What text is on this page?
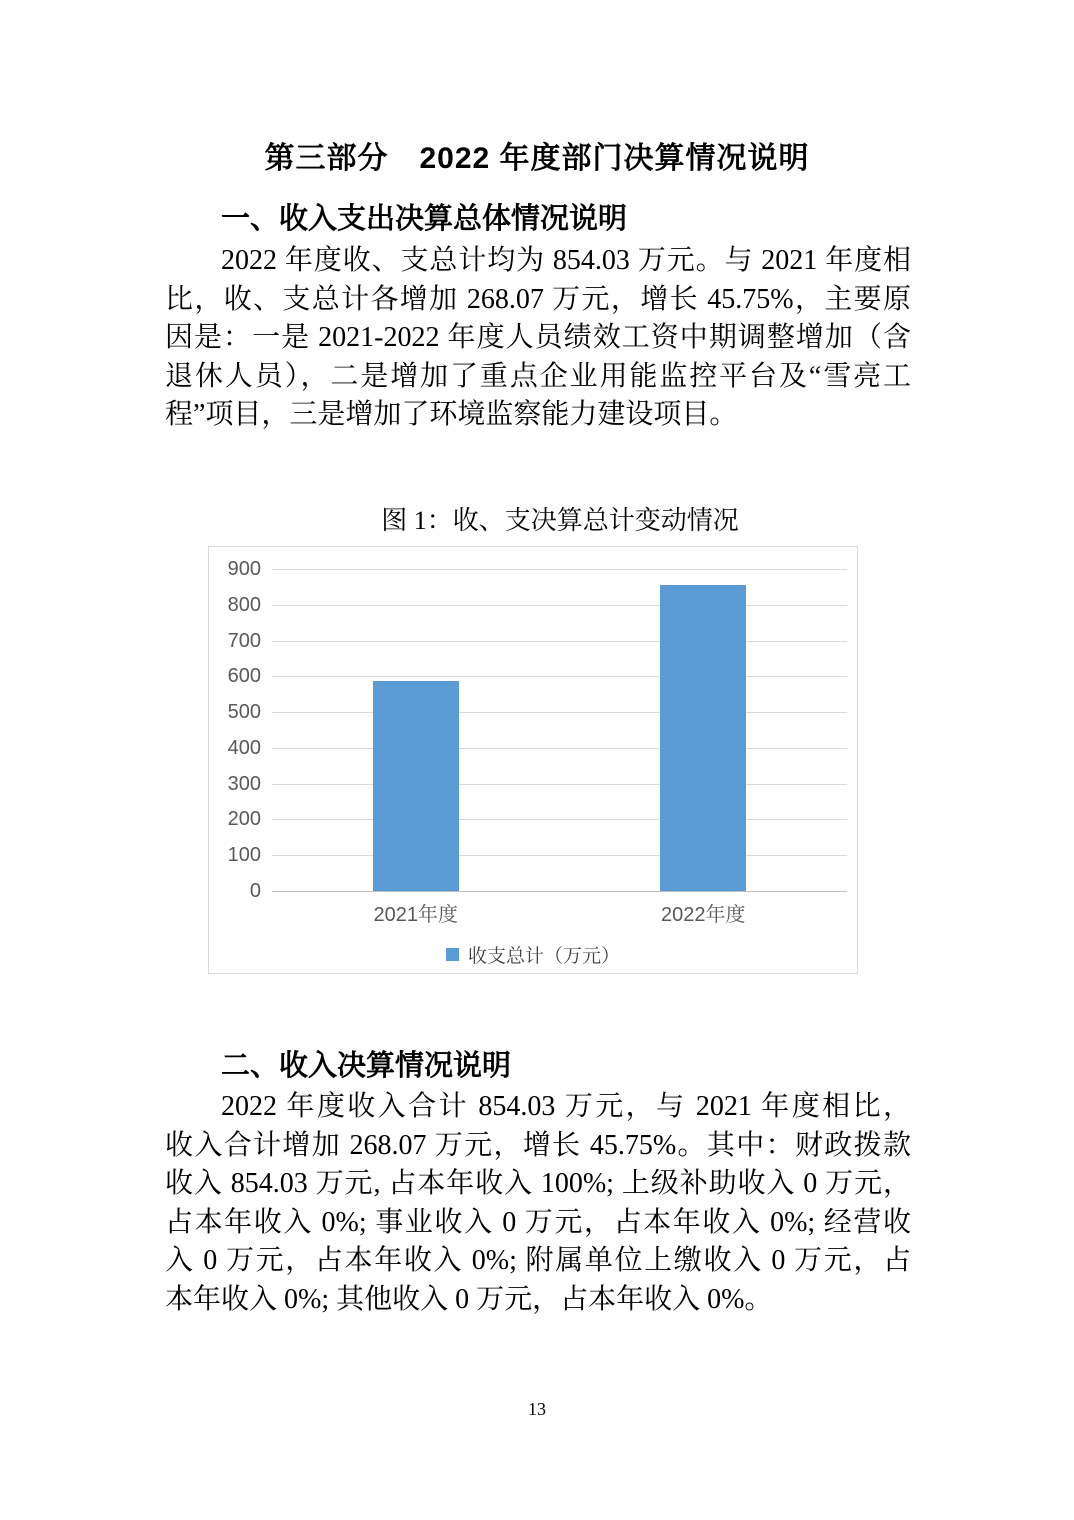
第三部分　2022 年度部门决算情况说明
一、收入支出决算总体情况说明
2022 年度收、支总计均为 854.03 万元。与 2021 年度相
比，收、支总计各增加 268.07 万元，增长 45.75%，主要原
因是：一是 2021-2022 年度人员绩效工资中期调整增加（含
退休人员），二是增加了重点企业用能监控平台及“雪亮工
程”项目，三是增加了环境监察能力建设项目。
图 1：收、支决算总计变动情况
0
100
200
300
400
500
600
700
800
900
2021年度	2022年度
收支总计（万元）
二、收入决算情况说明
2022 年度收入合计 854.03 万元，与 2021 年度相比，
收入合计增加 268.07 万元，增长 45.75%。其中：财政拨款
收入 854.03 万元, 占本年收入 100%; 上级补助收入 0 万元，
占本年收入 0%; 事业收入 0 万元，占本年收入 0%; 经营收
入 0 万元，占本年收入 0%; 附属单位上缴收入 0 万元，占
本年收入 0%; 其他收入 0 万元，占本年收入 0%。
13
